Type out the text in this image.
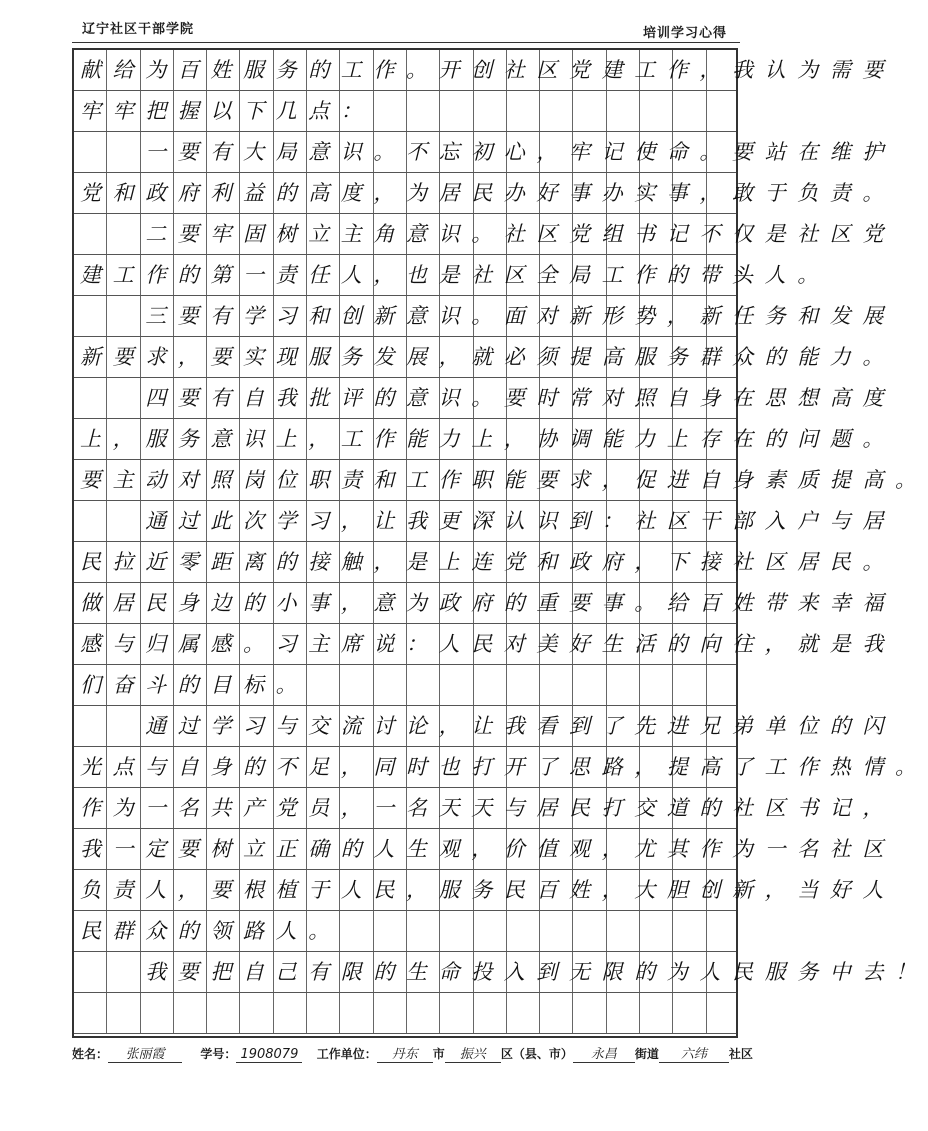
辽宁社区干部学院	培训学习心得
献给为百姓服务的工作。开创社区党建工作，我认为需要
牢牢把握以下几点：
　　一要有大局意识。不忘初心，牢记使命。要站在维护
党和政府利益的高度，为居民办好事办实事，敢于负责。
　　二要牢固树立主角意识。社区党组书记不仅是社区党
建工作的第一责任人，也是社区全局工作的带头人。
　　三要有学习和创新意识。面对新形势，新任务和发展
新要求，要实现服务发展，就必须提高服务群众的能力。
　　四要有自我批评的意识。要时常对照自身在思想高度
上，服务意识上，工作能力上，协调能力上存在的问题。
要主动对照岗位职责和工作职能要求，促进自身素质提高。
　　通过此次学习，让我更深认识到：社区干部入户与居
民拉近零距离的接触，是上连党和政府，下接社区居民。
做居民身边的小事，意为政府的重要事。给百姓带来幸福
感与归属感。习主席说：人民对美好生活的向往，就是我
们奋斗的目标。
　　通过学习与交流讨论，让我看到了先进兄弟单位的闪
光点与自身的不足，同时也打开了思路，提高了工作热情。
作为一名共产党员，一名天天与居民打交道的社区书记，
我一定要树立正确的人生观，价值观，尤其作为一名社区
负责人，要根植于人民，服务民百姓，大胆创新，当好人
民群众的领路人。
　　我要把自己有限的生命投入到无限的为人民服务中去！
姓名： 张丽霞	学号： 1908079 工作单位： 丹东 市 振兴 区（县、市） 永昌 街道 六纬 社区
